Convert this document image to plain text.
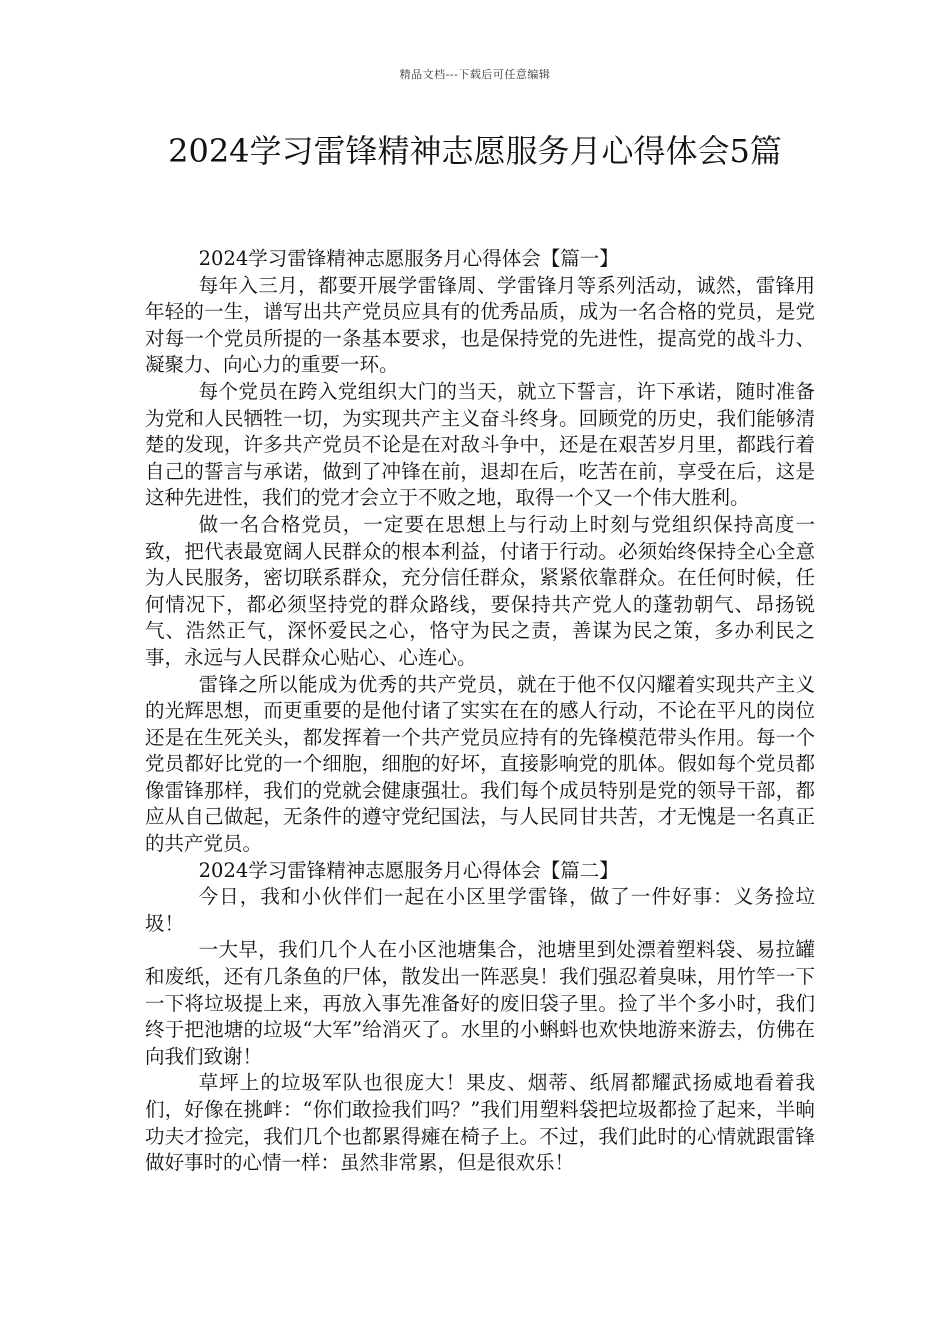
精品文档---下载后可任意编辑
2024学习雷锋精神志愿服务月心得体会5篇

2024学习雷锋精神志愿服务月心得体会【篇一】

每年入三月，都要开展学雷锋周、学雷锋月等系列活动，诚然，雷锋用年轻的一生，谱写出共产党员应具有的优秀品质，成为一名合格的党员，是党对每一个党员所提的一条基本要求，也是保持党的先进性，提高党的战斗力、凝聚力、向心力的重要一环。

每个党员在跨入党组织大门的当天，就立下誓言，许下承诺，随时准备为党和人民牺牲一切，为实现共产主义奋斗终身。回顾党的历史，我们能够清楚的发现，许多共产党员不论是在对敌斗争中，还是在艰苦岁月里，都践行着自己的誓言与承诺，做到了冲锋在前，退却在后，吃苦在前，享受在后，这是这种先进性，我们的党才会立于不败之地，取得一个又一个伟大胜利。

做一名合格党员，一定要在思想上与行动上时刻与党组织保持高度一致，把代表最宽阔人民群众的根本利益，付诸于行动。必须始终保持全心全意为人民服务，密切联系群众，充分信任群众，紧紧依靠群众。在任何时候，任何情况下，都必须坚持党的群众路线，要保持共产党人的蓬勃朝气、昂扬锐气、浩然正气，深怀爱民之心，恪守为民之责，善谋为民之策，多办利民之事，永远与人民群众心贴心、心连心。

雷锋之所以能成为优秀的共产党员，就在于他不仅闪耀着实现共产主义的光辉思想，而更重要的是他付诸了实实在在的感人行动，不论在平凡的岗位还是在生死关头，都发挥着一个共产党员应持有的先锋模范带头作用。每一个党员都好比党的一个细胞，细胞的好坏，直接影响党的肌体。假如每个党员都像雷锋那样，我们的党就会健康强壮。我们每个成员特别是党的领导干部，都应从自己做起，无条件的遵守党纪国法，与人民同甘共苦，才无愧是一名真正的共产党员。

2024学习雷锋精神志愿服务月心得体会【篇二】

今日，我和小伙伴们一起在小区里学雷锋，做了一件好事：义务捡垃圾！

一大早，我们几个人在小区池塘集合，池塘里到处漂着塑料袋、易拉罐和废纸，还有几条鱼的尸体，散发出一阵恶臭！我们强忍着臭味，用竹竿一下一下将垃圾提上来，再放入事先准备好的废旧袋子里。捡了半个多小时，我们终于把池塘的垃圾“大军”给消灭了。水里的小蝌蚪也欢快地游来游去，仿佛在向我们致谢！

草坪上的垃圾军队也很庞大！果皮、烟蒂、纸屑都耀武扬威地看着我们，好像在挑衅：“你们敢捡我们吗？”我们用塑料袋把垃圾都捡了起来，半晌功夫才捡完，我们几个也都累得瘫在椅子上。不过，我们此时的心情就跟雷锋做好事时的心情一样：虽然非常累，但是很欢乐！
